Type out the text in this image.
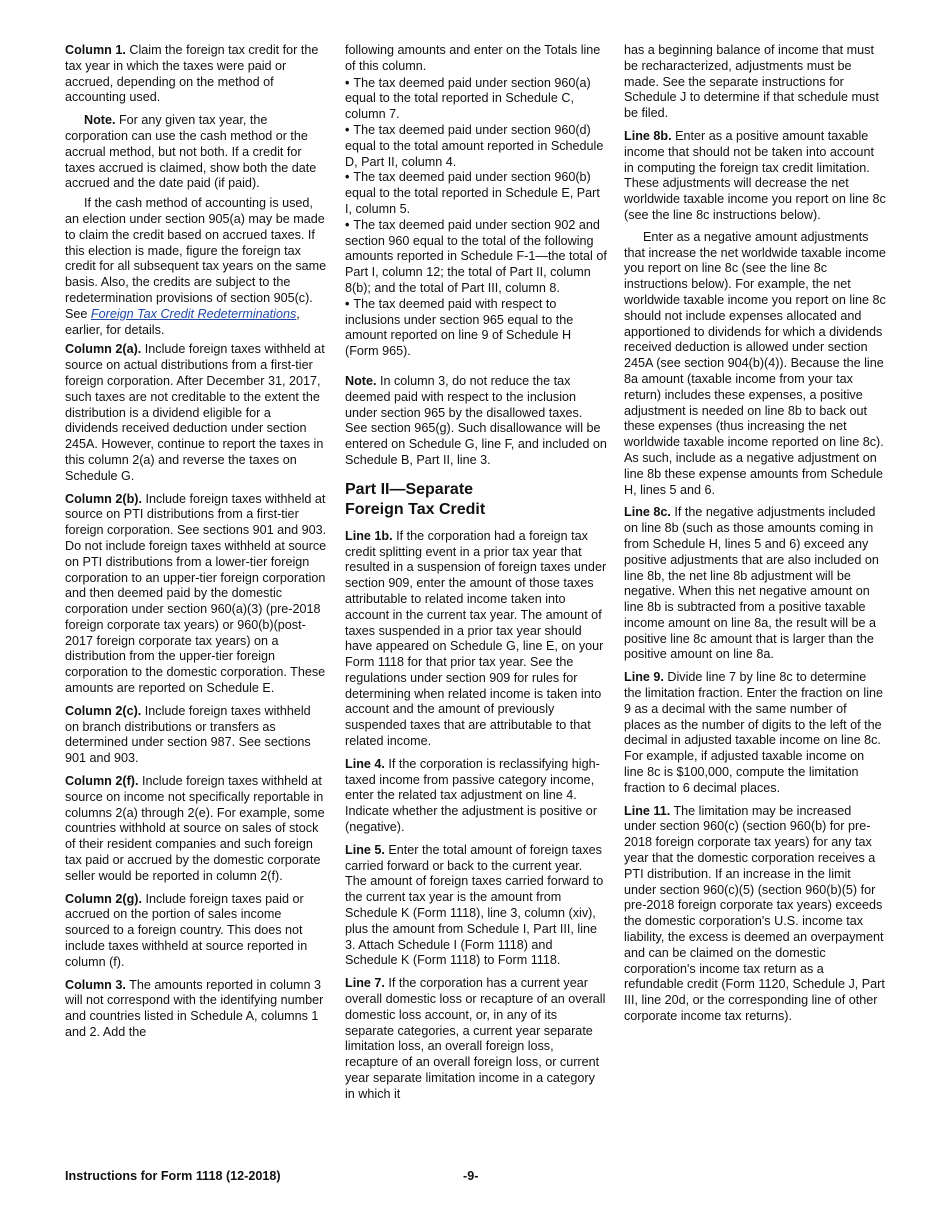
Column 1. Claim the foreign tax credit for the tax year in which the taxes were paid or accrued, depending on the method of accounting used.

Note. For any given tax year, the corporation can use the cash method or the accrual method, but not both. If a credit for taxes accrued is claimed, show both the date accrued and the date paid (if paid).

If the cash method of accounting is used, an election under section 905(a) may be made to claim the credit based on accrued taxes. If this election is made, figure the foreign tax credit for all subsequent tax years on the same basis. Also, the credits are subject to the redetermination provisions of section 905(c). See Foreign Tax Credit Redeterminations, earlier, for details.

Column 2(a). Include foreign taxes withheld at source on actual distributions from a first-tier foreign corporation. After December 31, 2017, such taxes are not creditable to the extent the distribution is a dividend eligible for a dividends received deduction under section 245A. However, continue to report the taxes in this column 2(a) and reverse the taxes on Schedule G.

Column 2(b). Include foreign taxes withheld at source on PTI distributions from a first-tier foreign corporation. See sections 901 and 903. Do not include foreign taxes withheld at source on PTI distributions from a lower-tier foreign corporation to an upper-tier foreign corporation and then deemed paid by the domestic corporation under section 960(a)(3) (pre-2018 foreign corporate tax years) or 960(b)(post-2017 foreign corporate tax years) on a distribution from the upper-tier foreign corporation to the domestic corporation. These amounts are reported on Schedule E.

Column 2(c). Include foreign taxes withheld on branch distributions or transfers as determined under section 987. See sections 901 and 903.

Column 2(f). Include foreign taxes withheld at source on income not specifically reportable in columns 2(a) through 2(e). For example, some countries withhold at source on sales of stock of their resident companies and such foreign tax paid or accrued by the domestic corporate seller would be reported in column 2(f).

Column 2(g). Include foreign taxes paid or accrued on the portion of sales income sourced to a foreign country. This does not include taxes withheld at source reported in column (f).

Column 3. The amounts reported in column 3 will not correspond with the identifying number and countries listed in Schedule A, columns 1 and 2. Add the

following amounts and enter on the Totals line of this column.

• The tax deemed paid under section 960(a) equal to the total reported in Schedule C, column 7.
• The tax deemed paid under section 960(d) equal to the total amount reported in Schedule D, Part II, column 4.
• The tax deemed paid under section 960(b) equal to the total reported in Schedule E, Part I, column 5.
• The tax deemed paid under section 902 and section 960 equal to the total of the following amounts reported in Schedule F-1—the total of Part I, column 12; the total of Part II, column 8(b); and the total of Part III, column 8.
• The tax deemed paid with respect to inclusions under section 965 equal to the amount reported on line 9 of Schedule H (Form 965).

Note. In column 3, do not reduce the tax deemed paid with respect to the inclusion under section 965 by the disallowed taxes. See section 965(g). Such disallowance will be entered on Schedule G, line F, and included on Schedule B, Part II, line 3.

Part II—Separate
Foreign Tax Credit

Line 1b. If the corporation had a foreign tax credit splitting event in a prior tax year that resulted in a suspension of foreign taxes under section 909, enter the amount of those taxes attributable to related income taken into account in the current tax year. The amount of taxes suspended in a prior tax year should have appeared on Schedule G, line E, on your Form 1118 for that prior tax year. See the regulations under section 909 for rules for determining when related income is taken into account and the amount of previously suspended taxes that are attributable to that related income.

Line 4. If the corporation is reclassifying high-taxed income from passive category income, enter the related tax adjustment on line 4. Indicate whether the adjustment is positive or (negative).

Line 5. Enter the total amount of foreign taxes carried forward or back to the current year. The amount of foreign taxes carried forward to the current tax year is the amount from Schedule K (Form 1118), line 3, column (xiv), plus the amount from Schedule I, Part III, line 3. Attach Schedule I (Form 1118) and Schedule K (Form 1118) to Form 1118.

Line 7. If the corporation has a current year overall domestic loss or recapture of an overall domestic loss account, or, in any of its separate categories, a current year separate limitation loss, an overall foreign loss, recapture of an overall foreign loss, or current year separate limitation income in a category in which it

has a beginning balance of income that must be recharacterized, adjustments must be made. See the separate instructions for Schedule J to determine if that schedule must be filed.

Line 8b. Enter as a positive amount taxable income that should not be taken into account in computing the foreign tax credit limitation. These adjustments will decrease the net worldwide taxable income you report on line 8c (see the line 8c instructions below).

Enter as a negative amount adjustments that increase the net worldwide taxable income you report on line 8c (see the line 8c instructions below). For example, the net worldwide taxable income you report on line 8c should not include expenses allocated and apportioned to dividends for which a dividends received deduction is allowed under section 245A (see section 904(b)(4)). Because the line 8a amount (taxable income from your tax return) includes these expenses, a positive adjustment is needed on line 8b to back out these expenses (thus increasing the net worldwide taxable income reported on line 8c). As such, include as a negative adjustment on line 8b these expense amounts from Schedule H, lines 5 and 6.

Line 8c. If the negative adjustments included on line 8b (such as those amounts coming in from Schedule H, lines 5 and 6) exceed any positive adjustments that are also included on line 8b, the net line 8b adjustment will be negative. When this net negative amount on line 8b is subtracted from a positive taxable income amount on line 8a, the result will be a positive line 8c amount that is larger than the positive amount on line 8a.

Line 9. Divide line 7 by line 8c to determine the limitation fraction. Enter the fraction on line 9 as a decimal with the same number of places as the number of digits to the left of the decimal in adjusted taxable income on line 8c. For example, if adjusted taxable income on line 8c is $100,000, compute the limitation fraction to 6 decimal places.

Line 11. The limitation may be increased under section 960(c) (section 960(b) for pre-2018 foreign corporate tax years) for any tax year that the domestic corporation receives a PTI distribution. If an increase in the limit under section 960(c)(5) (section 960(b)(5) for pre-2018 foreign corporate tax years) exceeds the domestic corporation's U.S. income tax liability, the excess is deemed an overpayment and can be claimed on the domestic corporation's income tax return as a refundable credit (Form 1120, Schedule J, Part III, line 20d, or the corresponding line of other corporate income tax returns).

Instructions for Form 1118 (12-2018)	-9-
